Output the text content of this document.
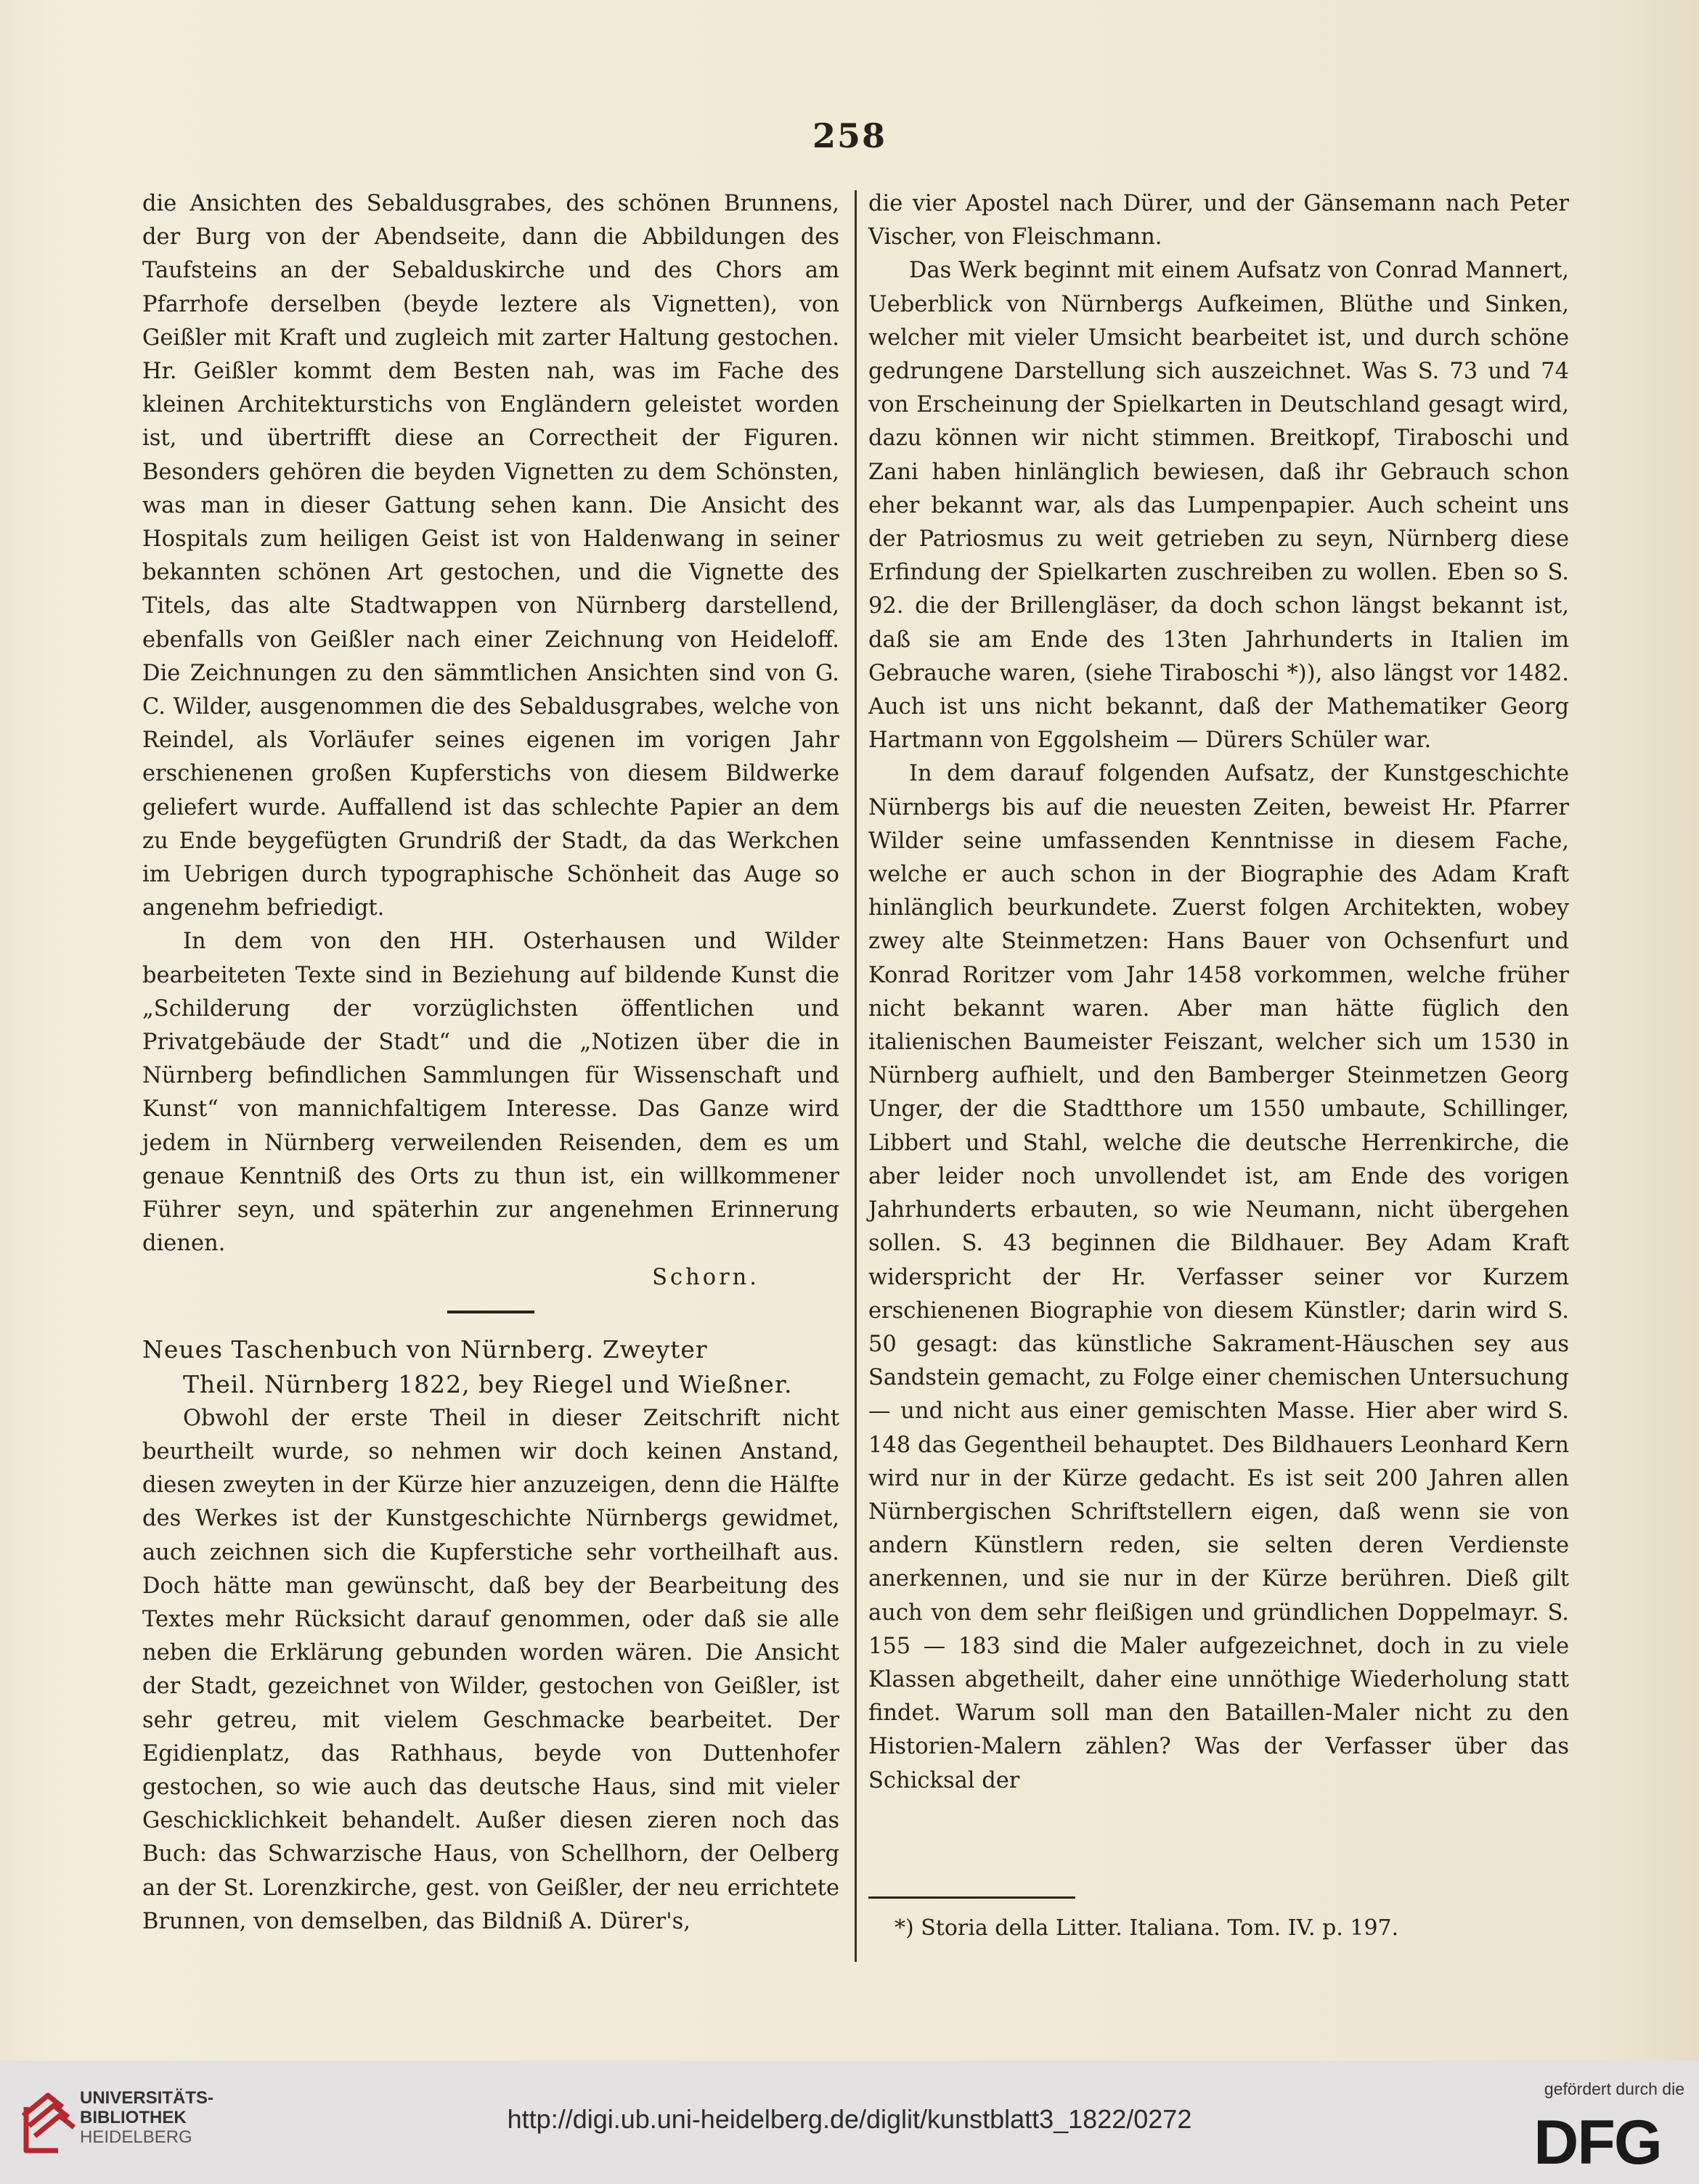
258

die Ansichten des Sebaldusgrabes, des schönen Brunnens, der Burg von der Abendseite, dann die Abbildungen des Taufsteins an der Sebalduskirche und des Chors am Pfarrhofe derselben (beyde leztere als Vignetten), von Geißler mit Kraft und zugleich mit zarter Haltung gestochen. Hr. Geißler kommt dem Besten nah, was im Fache des kleinen Architekturstichs von Engländern geleistet worden ist, und übertrifft diese an Correctheit der Figuren. Besonders gehören die beyden Vignetten zu dem Schönsten, was man in dieser Gattung sehen kann. Die Ansicht des Hospitals zum heiligen Geist ist von Haldenwang in seiner bekannten schönen Art gestochen, und die Vignette des Titels, das alte Stadtwappen von Nürnberg darstellend, ebenfalls von Geißler nach einer Zeichnung von Heideloff. Die Zeichnungen zu den sämmtlichen Ansichten sind von G. C. Wilder, ausgenommen die des Sebaldusgrabes, welche von Reindel, als Vorläufer seines eigenen im vorigen Jahr erschienenen großen Kupferstichs von diesem Bildwerke geliefert wurde. Auffallend ist das schlechte Papier an dem zu Ende beygefügten Grundriß der Stadt, da das Werkchen im Uebrigen durch typographische Schönheit das Auge so angenehm befriedigt.

In dem von den HH. Osterhausen und Wilder bearbeiteten Texte sind in Beziehung auf bildende Kunst die „Schilderung der vorzüglichsten öffentlichen und Privatgebäude der Stadt“ und die „Notizen über die in Nürnberg befindlichen Sammlungen für Wissenschaft und Kunst“ von mannichfaltigem Interesse. Das Ganze wird jedem in Nürnberg verweilenden Reisenden, dem es um genaue Kenntniß des Orts zu thun ist, ein willkommener Führer seyn, und späterhin zur angenehmen Erinnerung dienen.

Schorn.

Neues Taschenbuch von Nürnberg. Zweyter

Theil. Nürnberg 1822, bey Riegel und Wießner.

Obwohl der erste Theil in dieser Zeitschrift nicht beurtheilt wurde, so nehmen wir doch keinen Anstand, diesen zweyten in der Kürze hier anzuzeigen, denn die Hälfte des Werkes ist der Kunstgeschichte Nürnbergs gewidmet, auch zeichnen sich die Kupferstiche sehr vortheilhaft aus. Doch hätte man gewünscht, daß bey der Bearbeitung des Textes mehr Rücksicht darauf genommen, oder daß sie alle neben die Erklärung gebunden worden wären. Die Ansicht der Stadt, gezeichnet von Wilder, gestochen von Geißler, ist sehr getreu, mit vielem Geschmacke bearbeitet. Der Egidienplatz, das Rathhaus, beyde von Duttenhofer gestochen, so wie auch das deutsche Haus, sind mit vieler Geschicklichkeit behandelt. Außer diesen zieren noch das Buch: das Schwarzische Haus, von Schellhorn, der Oelberg an der St. Lorenzkirche, gest. von Geißler, der neu errichtete Brunnen, von demselben, das Bildniß A. Dürer's,

die vier Apostel nach Dürer, und der Gänsemann nach Peter Vischer, von Fleischmann.

Das Werk beginnt mit einem Aufsatz von Conrad Mannert, Ueberblick von Nürnbergs Aufkeimen, Blüthe und Sinken, welcher mit vieler Umsicht bearbeitet ist, und durch schöne gedrungene Darstellung sich auszeichnet. Was S. 73 und 74 von Erscheinung der Spielkarten in Deutschland gesagt wird, dazu können wir nicht stimmen. Breitkopf, Tiraboschi und Zani haben hinlänglich bewiesen, daß ihr Gebrauch schon eher bekannt war, als das Lumpenpapier. Auch scheint uns der Patriosmus zu weit getrieben zu seyn, Nürnberg diese Erfindung der Spielkarten zuschreiben zu wollen. Eben so S. 92. die der Brillengläser, da doch schon längst bekannt ist, daß sie am Ende des 13ten Jahrhunderts in Italien im Gebrauche waren, (siehe Tiraboschi *)), also längst vor 1482. Auch ist uns nicht bekannt, daß der Mathematiker Georg Hartmann von Eggolsheim — Dürers Schüler war.

In dem darauf folgenden Aufsatz, der Kunstgeschichte Nürnbergs bis auf die neuesten Zeiten, beweist Hr. Pfarrer Wilder seine umfassenden Kenntnisse in diesem Fache, welche er auch schon in der Biographie des Adam Kraft hinlänglich beurkundete. Zuerst folgen Architekten, wobey zwey alte Steinmetzen: Hans Bauer von Ochsenfurt und Konrad Roritzer vom Jahr 1458 vorkommen, welche früher nicht bekannt waren. Aber man hätte füglich den italienischen Baumeister Feiszant, welcher sich um 1530 in Nürnberg aufhielt, und den Bamberger Steinmetzen Georg Unger, der die Stadtthore um 1550 umbaute, Schillinger, Libbert und Stahl, welche die deutsche Herrenkirche, die aber leider noch unvollendet ist, am Ende des vorigen Jahrhunderts erbauten, so wie Neumann, nicht übergehen sollen. S. 43 beginnen die Bildhauer. Bey Adam Kraft widerspricht der Hr. Verfasser seiner vor Kurzem erschienenen Biographie von diesem Künstler; darin wird S. 50 gesagt: das künstliche Sakrament-Häuschen sey aus Sandstein gemacht, zu Folge einer chemischen Untersuchung — und nicht aus einer gemischten Masse. Hier aber wird S. 148 das Gegentheil behauptet. Des Bildhauers Leonhard Kern wird nur in der Kürze gedacht. Es ist seit 200 Jahren allen Nürnbergischen Schriftstellern eigen, daß wenn sie von andern Künstlern reden, sie selten deren Verdienste anerkennen, und sie nur in der Kürze berühren. Dieß gilt auch von dem sehr fleißigen und gründlichen Doppelmayr. S. 155 — 183 sind die Maler aufgezeichnet, doch in zu viele Klassen abgetheilt, daher eine unnöthige Wiederholung statt findet. Warum soll man den Bataillen-Maler nicht zu den Historien-Malern zählen? Was der Verfasser über das Schicksal der

*) Storia della Litter. Italiana. Tom. IV. p. 197.
UNIVERSITÄTS-
BIBLIOTHEK
HEIDELBERG
http://digi.ub.uni-heidelberg.de/diglit/kunstblatt3_1822/0272
gefördert durch die
DFG
